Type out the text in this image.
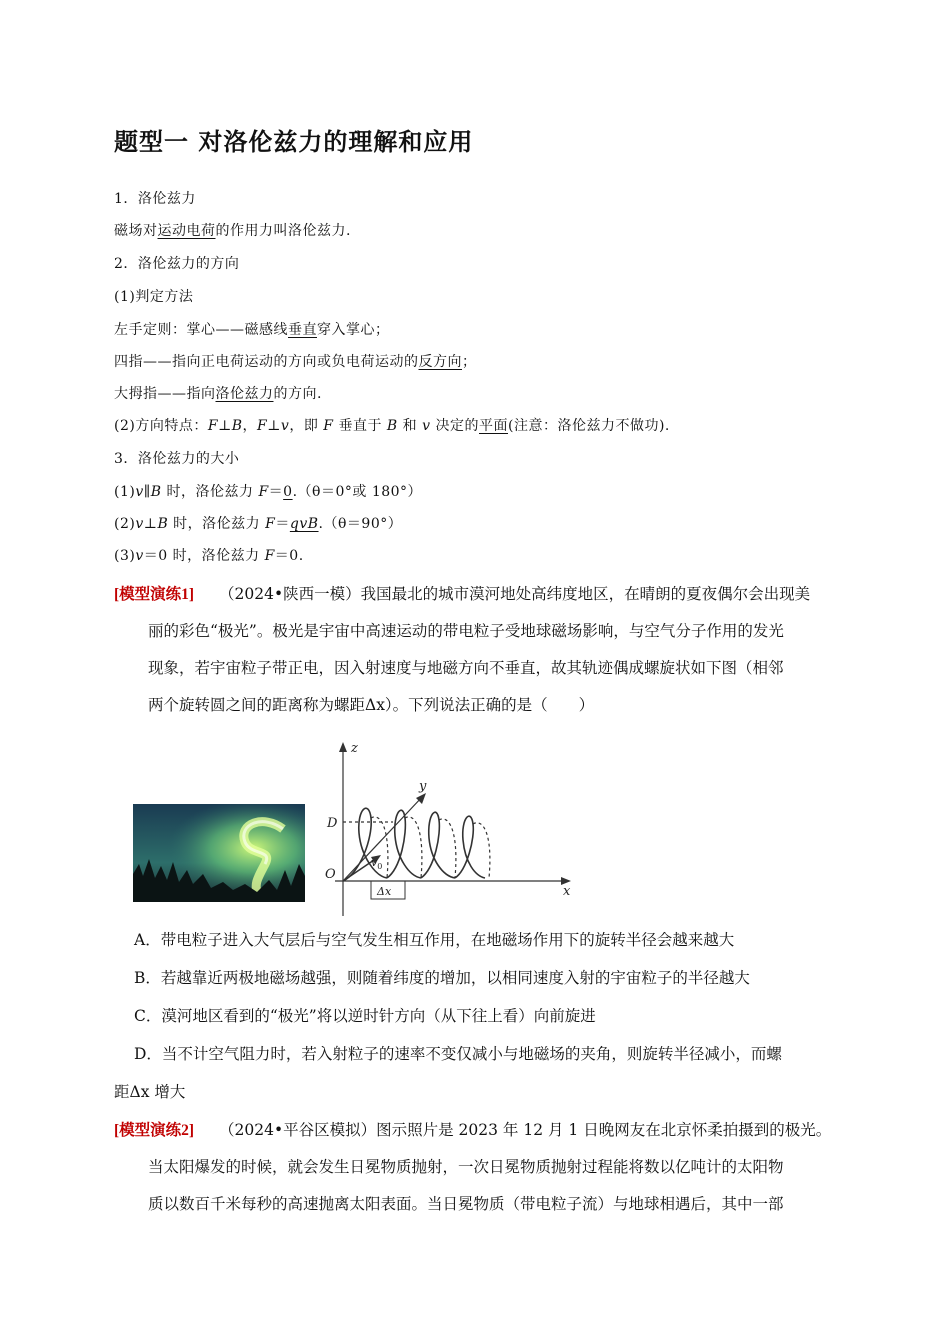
题型一 对洛伦兹力的理解和应用
1．洛伦兹力
磁场对运动电荷的作用力叫洛伦兹力.
2．洛伦兹力的方向
(1)判定方法
左手定则：掌心——磁感线垂直穿入掌心；
四指——指向正电荷运动的方向或负电荷运动的反方向；
大拇指——指向洛伦兹力的方向.
(2)方向特点：F⊥B，F⊥v，即 F 垂直于 B 和 v 决定的平面(注意：洛伦兹力不做功).
3．洛伦兹力的大小
(1)v∥B 时，洛伦兹力 F＝0.（θ＝0°或 180°）
(2)v⊥B 时，洛伦兹力 F＝qvB.（θ＝90°）
(3)v＝0 时，洛伦兹力 F＝0.
[模型演练1] （2024•陕西一模）我国最北的城市漠河地处高纬度地区，在晴朗的夏夜偶尔会出现美
丽的彩色“极光”。极光是宇宙中高速运动的带电粒子受地球磁场影响，与空气分子作用的发光
现象，若宇宙粒子带正电，因入射速度与地磁方向不垂直，故其轨迹偶成螺旋状如下图（相邻
两个旋转圆之间的距离称为螺距Δx）。下列说法正确的是（　　）
z
y
x
D
O
$v_0$
Δx
A．带电粒子进入大气层后与空气发生相互作用，在地磁场作用下的旋转半径会越来越大
B．若越靠近两极地磁场越强，则随着纬度的增加，以相同速度入射的宇宙粒子的半径越大
C．漠河地区看到的“极光”将以逆时针方向（从下往上看）向前旋进
D．当不计空气阻力时，若入射粒子的速率不变仅减小与地磁场的夹角，则旋转半径减小，而螺
距Δx 增大
[模型演练2] （2024•平谷区模拟）图示照片是 2023 年 12 月 1 日晚网友在北京怀柔拍摄到的极光。
当太阳爆发的时候，就会发生日冕物质抛射，一次日冕物质抛射过程能将数以亿吨计的太阳物
质以数百千米每秒的高速抛离太阳表面。当日冕物质（带电粒子流）与地球相遇后，其中一部
